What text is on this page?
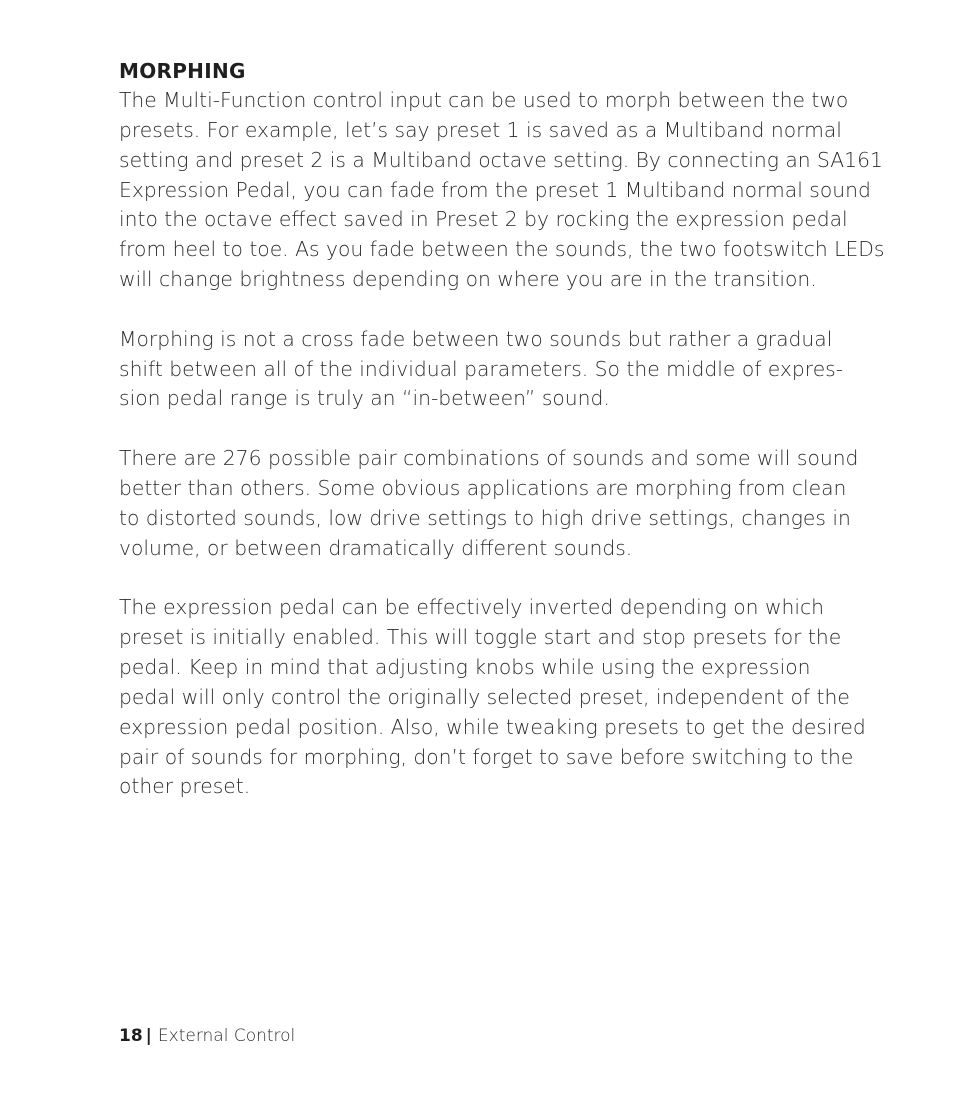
MORPHING

The Multi-Function control input can be used to morph between the two
presets. For example, let’s say preset 1 is saved as a Multiband normal
setting and preset 2 is a Multiband octave setting. By connecting an SA161
Expression Pedal, you can fade from the preset 1 Multiband normal sound
into the octave effect saved in Preset 2 by rocking the expression pedal
from heel to toe. As you fade between the sounds, the two footswitch LEDs
will change brightness depending on where you are in the transition.

Morphing is not a cross fade between two sounds but rather a gradual
shift between all of the individual parameters. So the middle of expres-
sion pedal range is truly an “in-between” sound.

There are 276 possible pair combinations of sounds and some will sound
better than others. Some obvious applications are morphing from clean
to distorted sounds, low drive settings to high drive settings, changes in
volume, or between dramatically different sounds.

The expression pedal can be effectively inverted depending on which
preset is initially enabled. This will toggle start and stop presets for the
pedal. Keep in mind that adjusting knobs while using the expression
pedal will only control the originally selected preset, independent of the
expression pedal position. Also, while tweaking presets to get the desired
pair of sounds for morphing, don’t forget to save before switching to the
other preset.

18 | External Control
